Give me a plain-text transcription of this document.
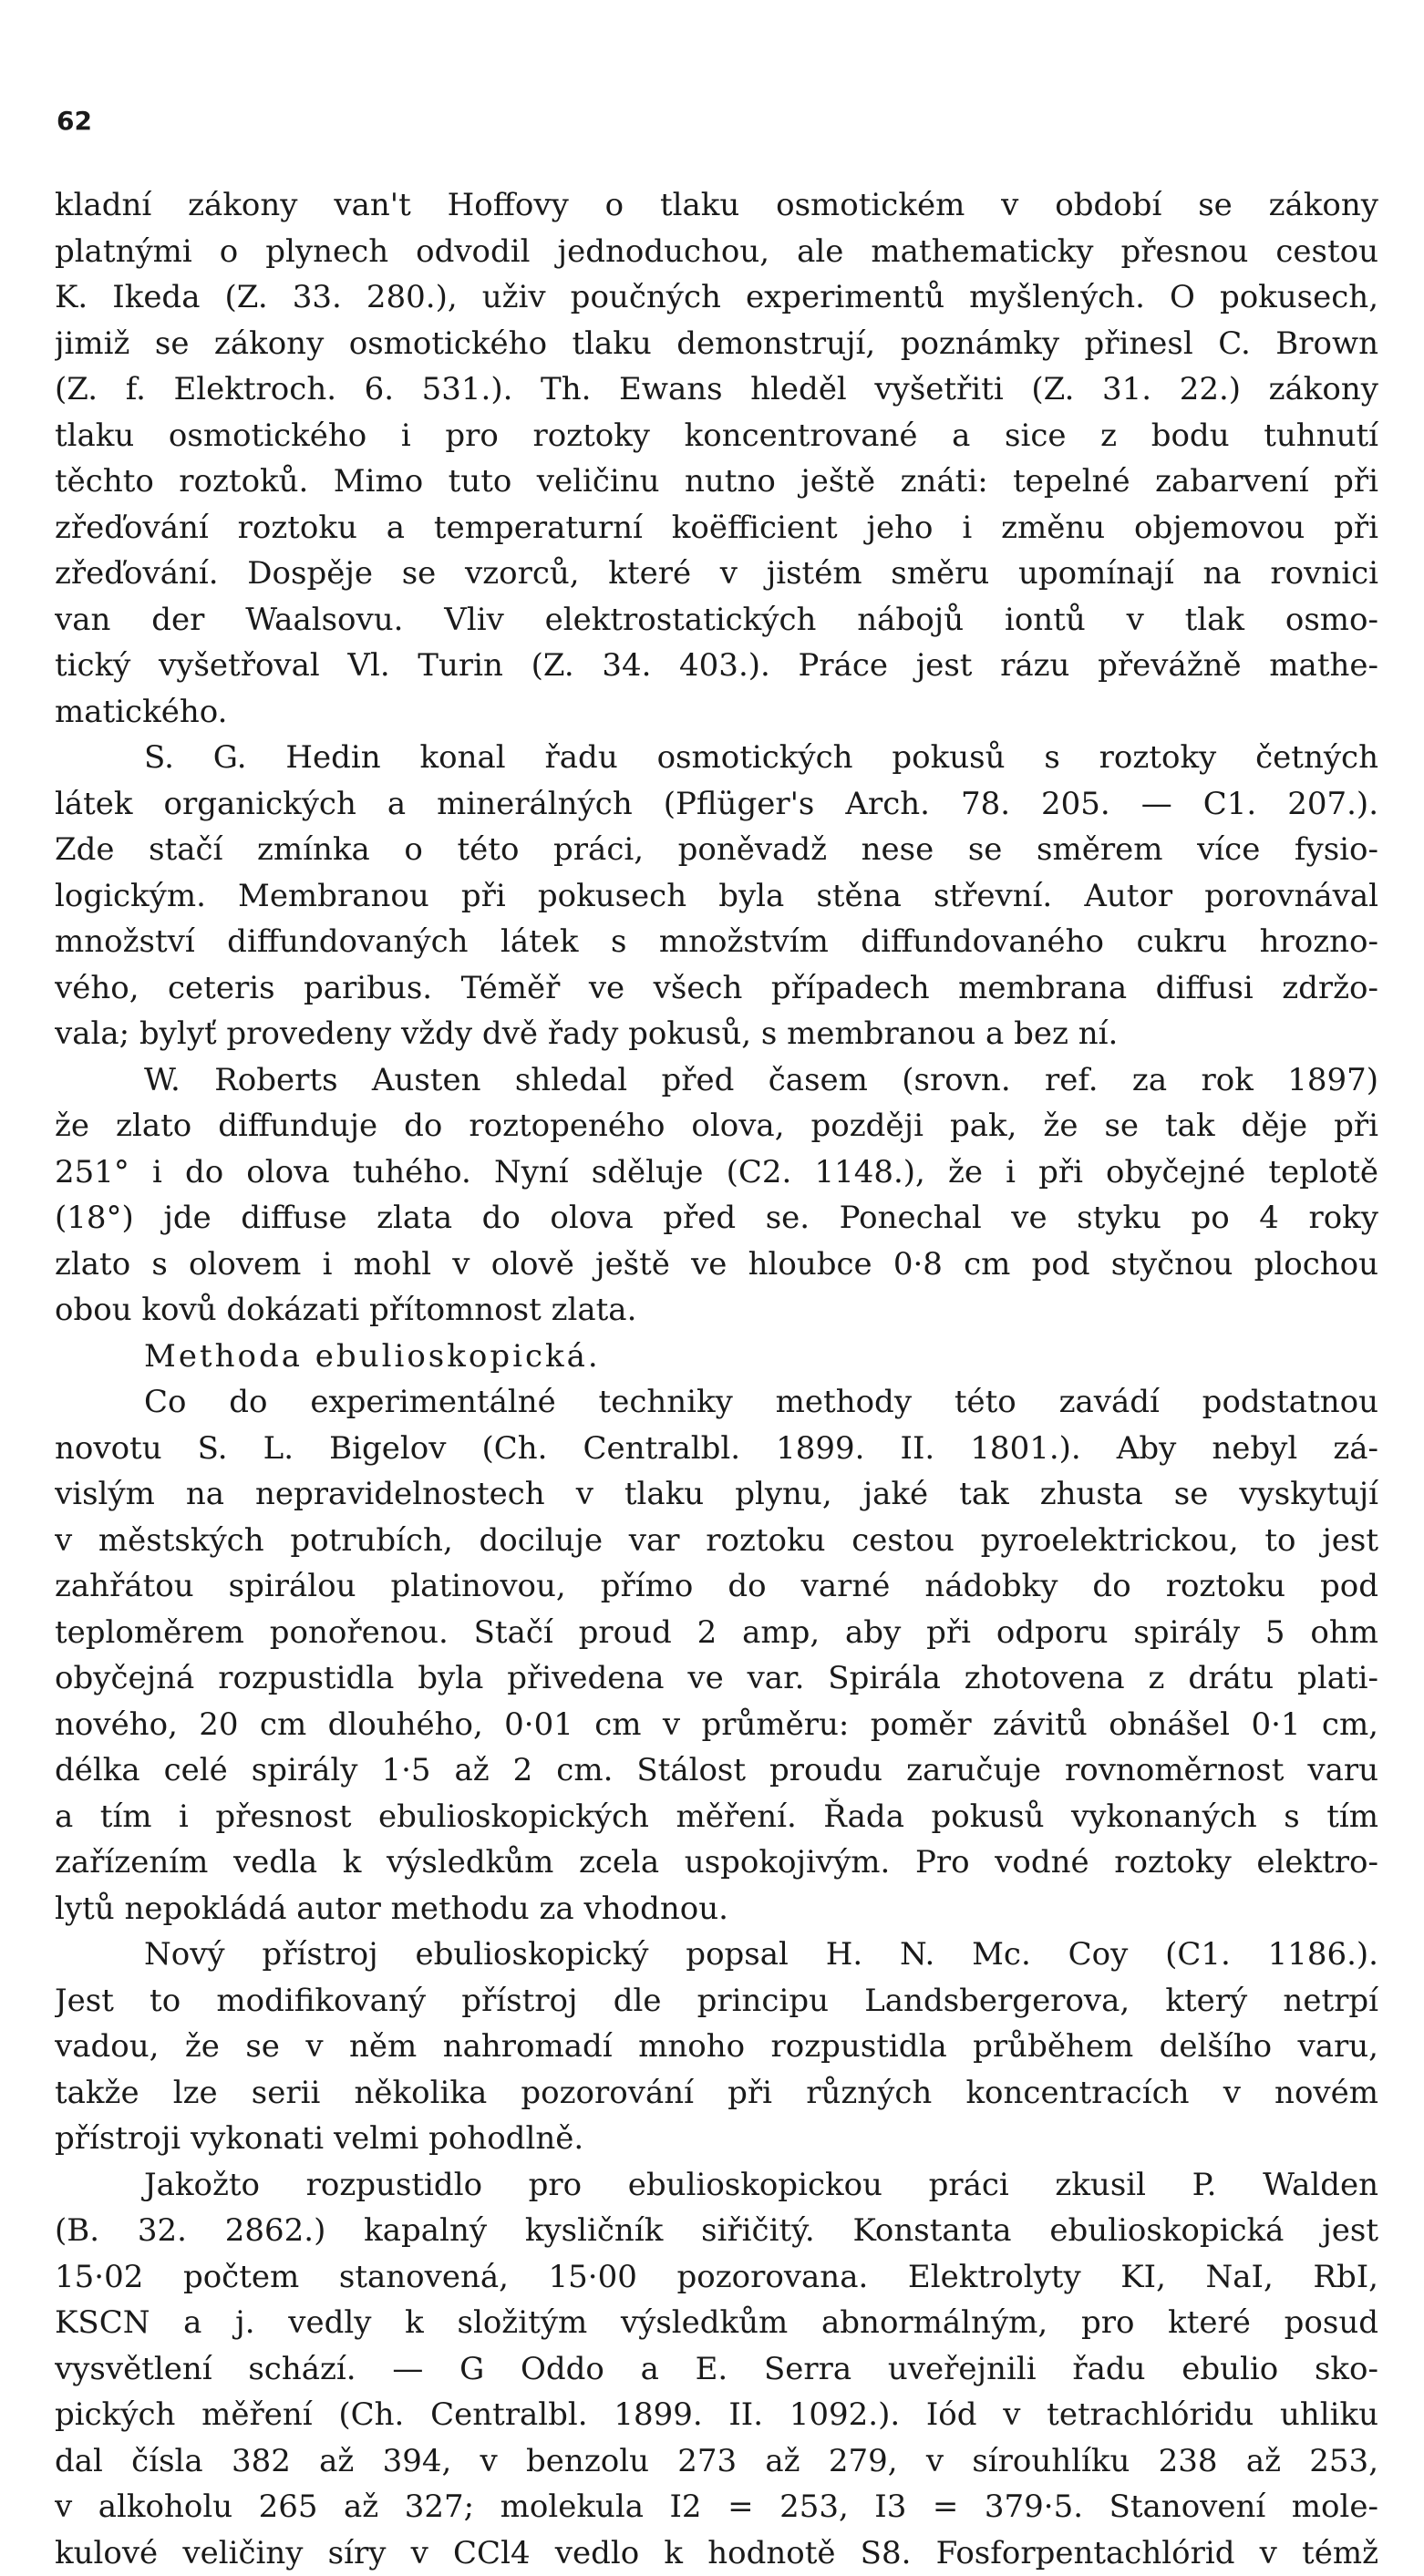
62
kladní zákony van't Hoffovy o tlaku osmotickém v období se zákony
platnými o plynech odvodil jednoduchou, ale mathematicky přesnou cestou
K. Ikeda (Z. 33. 280.), uživ poučných experimentů myšlených. O pokusech,
jimiž se zákony osmotického tlaku demonstrují, poznámky přinesl C. Brown
(Z. f. Elektroch. 6. 531.). Th. Ewans hleděl vyšetřiti (Z. 31. 22.) zákony
tlaku osmotického i pro roztoky koncentrované a sice z bodu tuhnutí
těchto roztoků. Mimo tuto veličinu nutno ještě znáti: tepelné zabarvení při
zřeďování roztoku a temperaturní koëfficient jeho i změnu objemovou při
zřeďování. Dospěje se vzorců, které v jistém směru upomínají na rovnici
van der Waalsovu. Vliv elektrostatických nábojů iontů v tlak osmo-
tický vyšetřoval Vl. Turin (Z. 34. 403.). Práce jest rázu převážně mathe-
matického.
S. G. Hedin konal řadu osmotických pokusů s roztoky četných
látek organických a minerálných (Pflüger's Arch. 78. 205. — C1. 207.).
Zde stačí zmínka o této práci, poněvadž nese se směrem více fysio-
logickým. Membranou při pokusech byla stěna střevní. Autor porovnával
množství diffundovaných látek s množstvím diffundovaného cukru hrozno-
vého, ceteris paribus. Téměř ve všech případech membrana diffusi zdržo-
vala; bylyť provedeny vždy dvě řady pokusů, s membranou a bez ní.
W. Roberts Austen shledal před časem (srovn. ref. za rok 1897)
že zlato diffunduje do roztopeného olova, později pak, že se tak děje při
251° i do olova tuhého. Nyní sděluje (C2. 1148.), že i při obyčejné teplotě
(18°) jde diffuse zlata do olova před se. Ponechal ve styku po 4 roky
zlato s olovem i mohl v olově ještě ve hloubce 0·8 cm pod styčnou plochou
obou kovů dokázati přítomnost zlata.
Methoda ebulioskopická.
Co do experimentálné techniky methody této zavádí podstatnou
novotu S. L. Bigelov (Ch. Centralbl. 1899. II. 1801.). Aby nebyl zá-
vislým na nepravidelnostech v tlaku plynu, jaké tak zhusta se vyskytují
v městských potrubích, dociluje var roztoku cestou pyroelektrickou, to jest
zahřátou spirálou platinovou, přímo do varné nádobky do roztoku pod
teploměrem ponořenou. Stačí proud 2 amp, aby při odporu spirály 5 ohm
obyčejná rozpustidla byla přivedena ve var. Spirála zhotovena z drátu plati-
nového, 20 cm dlouhého, 0·01 cm v průměru: poměr závitů obnášel 0·1 cm,
délka celé spirály 1·5 až 2 cm. Stálost proudu zaručuje rovnoměrnost varu
a tím i přesnost ebulioskopických měření. Řada pokusů vykonaných s tím
zařízením vedla k výsledkům zcela uspokojivým. Pro vodné roztoky elektro-
lytů nepokládá autor methodu za vhodnou.
Nový přístroj ebulioskopický popsal H. N. Mc. Coy (C1. 1186.).
Jest to modifikovaný přístroj dle principu Landsbergerova, který netrpí
vadou, že se v něm nahromadí mnoho rozpustidla průběhem delšího varu,
takže lze serii několika pozorování při různých koncentracích v novém
přístroji vykonati velmi pohodlně.
Jakožto rozpustidlo pro ebulioskopickou práci zkusil P. Walden
(B. 32. 2862.) kapalný kysličník siřičitý. Konstanta ebulioskopická jest
15·02 počtem stanovená, 15·00 pozorovana. Elektrolyty KI, NaI, RbI,
KSCN a j. vedly k složitým výsledkům abnormálným, pro které posud
vysvětlení schází. — G Oddo a E. Serra uveřejnili řadu ebulio sko-
pických měření (Ch. Centralbl. 1899. II. 1092.). Iód v tetrachlóridu uhliku
dal čísla 382 až 394, v benzolu 273 až 279, v sírouhlíku 238 až 253,
v alkoholu 265 až 327; molekula I2 = 253, I3 = 379·5. Stanovení mole-
kulové veličiny síry v CCl4 vedlo k hodnotě S8. Fosforpentachlórid v témž
